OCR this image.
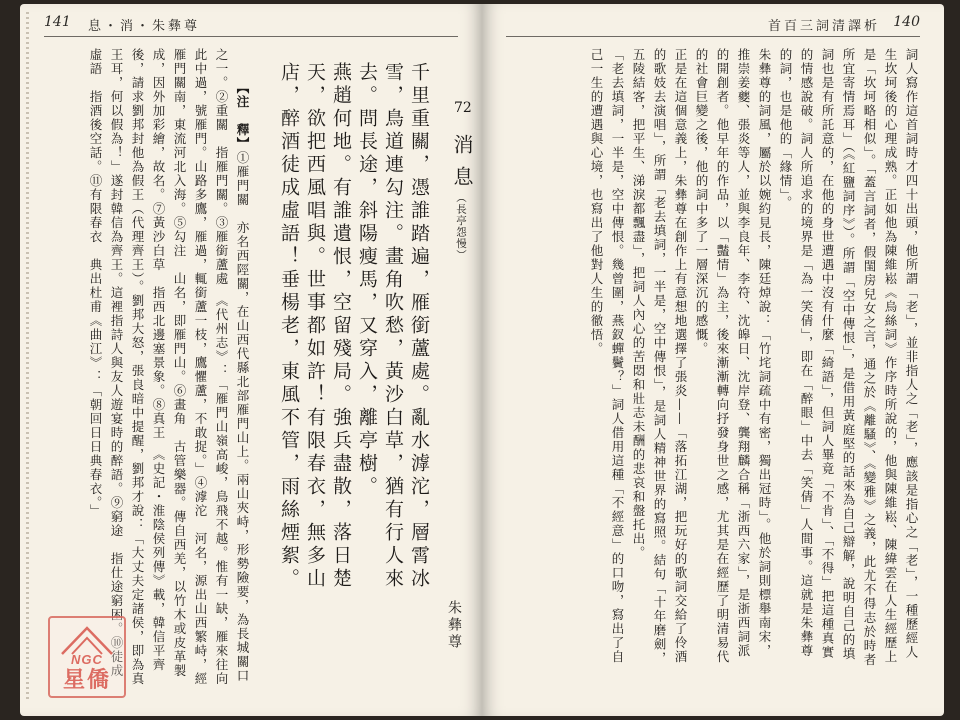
141 息・消・朱彝尊

【注　釋】①雁門關　亦名西陘關，在山西代縣北部雁門山上。兩山夾峙，形勢險要，為長城關口之一。②重關　指雁門關。③雁銜蘆處　《代州志》：「雁門山嶺高峻，鳥飛不越。惟有一缺，雁來往向此中過，號雁門。山路多鷹，雁過，輒銜蘆一枝，鷹懼蘆，不敢捉。」④滹沱　河名，源出山西繁峙，經雁門關南，東流河北入海。⑤勾注　山名，即雁門山。⑥畫角　古管樂器。傳自西羌，以竹木或皮革製成，因外加彩繪，故名。⑦黃沙白草　指西北邊塞景象。⑧真王　《史記・淮陰侯列傳》載，韓信平齊後，請求劉邦封他為假王（代理齊王）。劉邦大怒，張良暗中提醒，劉邦才說：「大丈夫定諸侯，即為真王耳，何以假為！」遂封韓信為齊王。這裡指詩人與友人遊宴時的醉語。⑨窮途　指仕途窮困。⑩徒成虛語　指酒後空話。⑪有限春衣　典出杜甫《曲江》：「朝回日日典春衣。」
	千里重關，憑誰踏遍，雁銜蘆處。亂水滹沱，層霄冰雪，鳥道連勾注。畫角吹愁，黃沙白草，猶有行人來去。問長途，斜陽瘦馬，又穿入，離亭樹。
燕趙何地。有誰遺恨，空留殘局。強兵盡散，落日楚天，欲把西風唱與。世事都如許！有限春衣，無多山店，醉酒徒成虛語！垂楊老，東風不管，雨絲煙絮。	72
消息
（長亭怨慢）
朱彝尊
NGC
星僑
首百三詞清譯析 140
詞人寫作這首詞時才四十出頭，他所謂「老」，並非指人之「老」，應該是指心之「老」，一種歷經人生坎坷後的心理成熟。正如他為陳維崧《烏絲詞》作序時所說的，他與陳維崧、陳緯雲在人生經歷上是「坎坷略相似」。「蓋言詞者，假閨房兒女之言，通之於《離騷》、《變雅》之義，此尤不得志於時者所宜寄情焉耳」（《紅鹽詞序》）。所謂「空中傳恨」，是借用黃庭堅的話來為自己辯解，說明自己的填詞也是有所託意的，在他的身世遭遇中沒有什麼「綺語」，但詞人畢竟「不肯」、「不得」把這種真實的情感說破。詞人所追求的境界是「為一笑倩」，即在「醉眼」中去「笑倩」人間事。這就是朱彝尊的詞，也是他的「緣情」。
朱彝尊的詞風，屬於以婉約見長，陳廷焯說：「竹垞詞疏中有密，獨出冠時」。他於詞則標舉南宋，推崇姜夔、張炎等人，並與李良年、李符、沈皞日、沈岸登、龔翔麟合稱「浙西六家」，是浙西詞派的開創者。他早年的作品，以「豔情」為主，後來漸漸轉向抒發身世之感，尤其是在經歷了明清易代的社會巨變之後，他的詞中多了一層深沉的感慨。
正是在這個意義上，朱彝尊在創作上有意想地選擇了張炎——「落拓江湖，把玩好的歌詞交給了伶酒的歌妓去演唱」，所謂「老去填詞，一半是，空中傳恨」，是詞人精神世界的寫照。結句「十年磨劍，五陵結客，把平生、涕淚都飄盡」，把詞人內心的苦悶和壯志未酬的悲哀和盤托出。
「老去填詞，一半是，空中傳恨。幾曾圍，燕釵蟬鬢？」詞人借用這種「不經意」的口吻，寫出了自己一生的遭遇與心境，也寫出了他對人生的徹悟。
